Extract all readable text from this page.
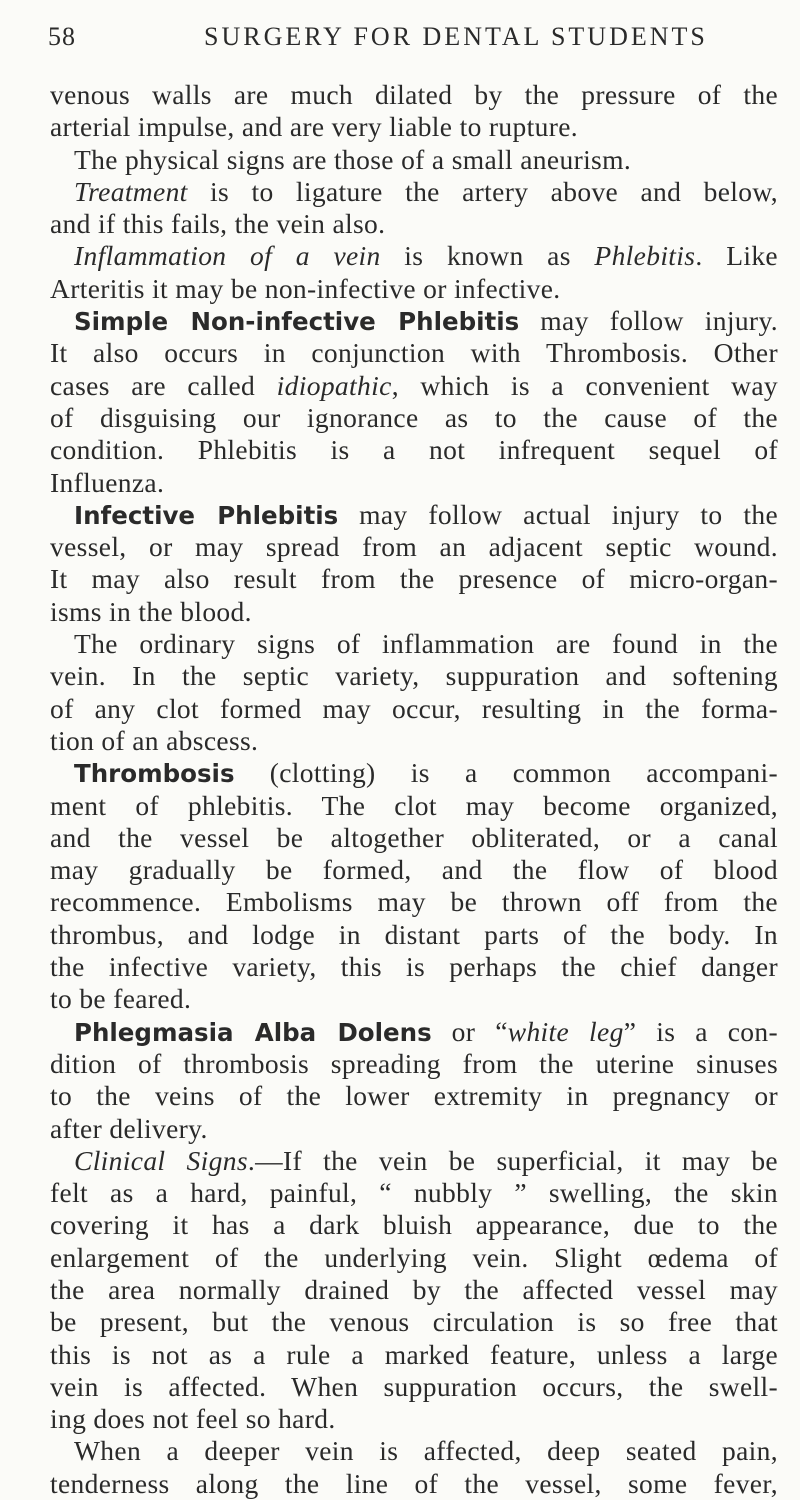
58	SURGERY FOR DENTAL STUDENTS
venous walls are much dilated by the pressure of the
arterial impulse, and are very liable to rupture.
The physical signs are those of a small aneurism.
Treatment is to ligature the artery above and below,
and if this fails, the vein also.
Inflammation of a vein is known as Phlebitis. Like
Arteritis it may be non-infective or infective.
Simple Non-infective Phlebitis may follow injury.
It also occurs in conjunction with Thrombosis. Other
cases are called idiopathic, which is a convenient way
of disguising our ignorance as to the cause of the
condition. Phlebitis is a not infrequent sequel of
Influenza.
Infective Phlebitis may follow actual injury to the
vessel, or may spread from an adjacent septic wound.
It may also result from the presence of micro-organ-
isms in the blood.
The ordinary signs of inflammation are found in the
vein. In the septic variety, suppuration and softening
of any clot formed may occur, resulting in the forma-
tion of an abscess.
Thrombosis (clotting) is a common accompani-
ment of phlebitis. The clot may become organized,
and the vessel be altogether obliterated, or a canal
may gradually be formed, and the flow of blood
recommence. Embolisms may be thrown off from the
thrombus, and lodge in distant parts of the body. In
the infective variety, this is perhaps the chief danger
to be feared.
Phlegmasia Alba Dolens or “white leg” is a con-
dition of thrombosis spreading from the uterine sinuses
to the veins of the lower extremity in pregnancy or
after delivery.
Clinical Signs.—If the vein be superficial, it may be
felt as a hard, painful, “ nubbly ” swelling, the skin
covering it has a dark bluish appearance, due to the
enlargement of the underlying vein. Slight œdema of
the area normally drained by the affected vessel may
be present, but the venous circulation is so free that
this is not as a rule a marked feature, unless a large
vein is affected. When suppuration occurs, the swell-
ing does not feel so hard.
When a deeper vein is affected, deep seated pain,
tenderness along the line of the vessel, some fever,
